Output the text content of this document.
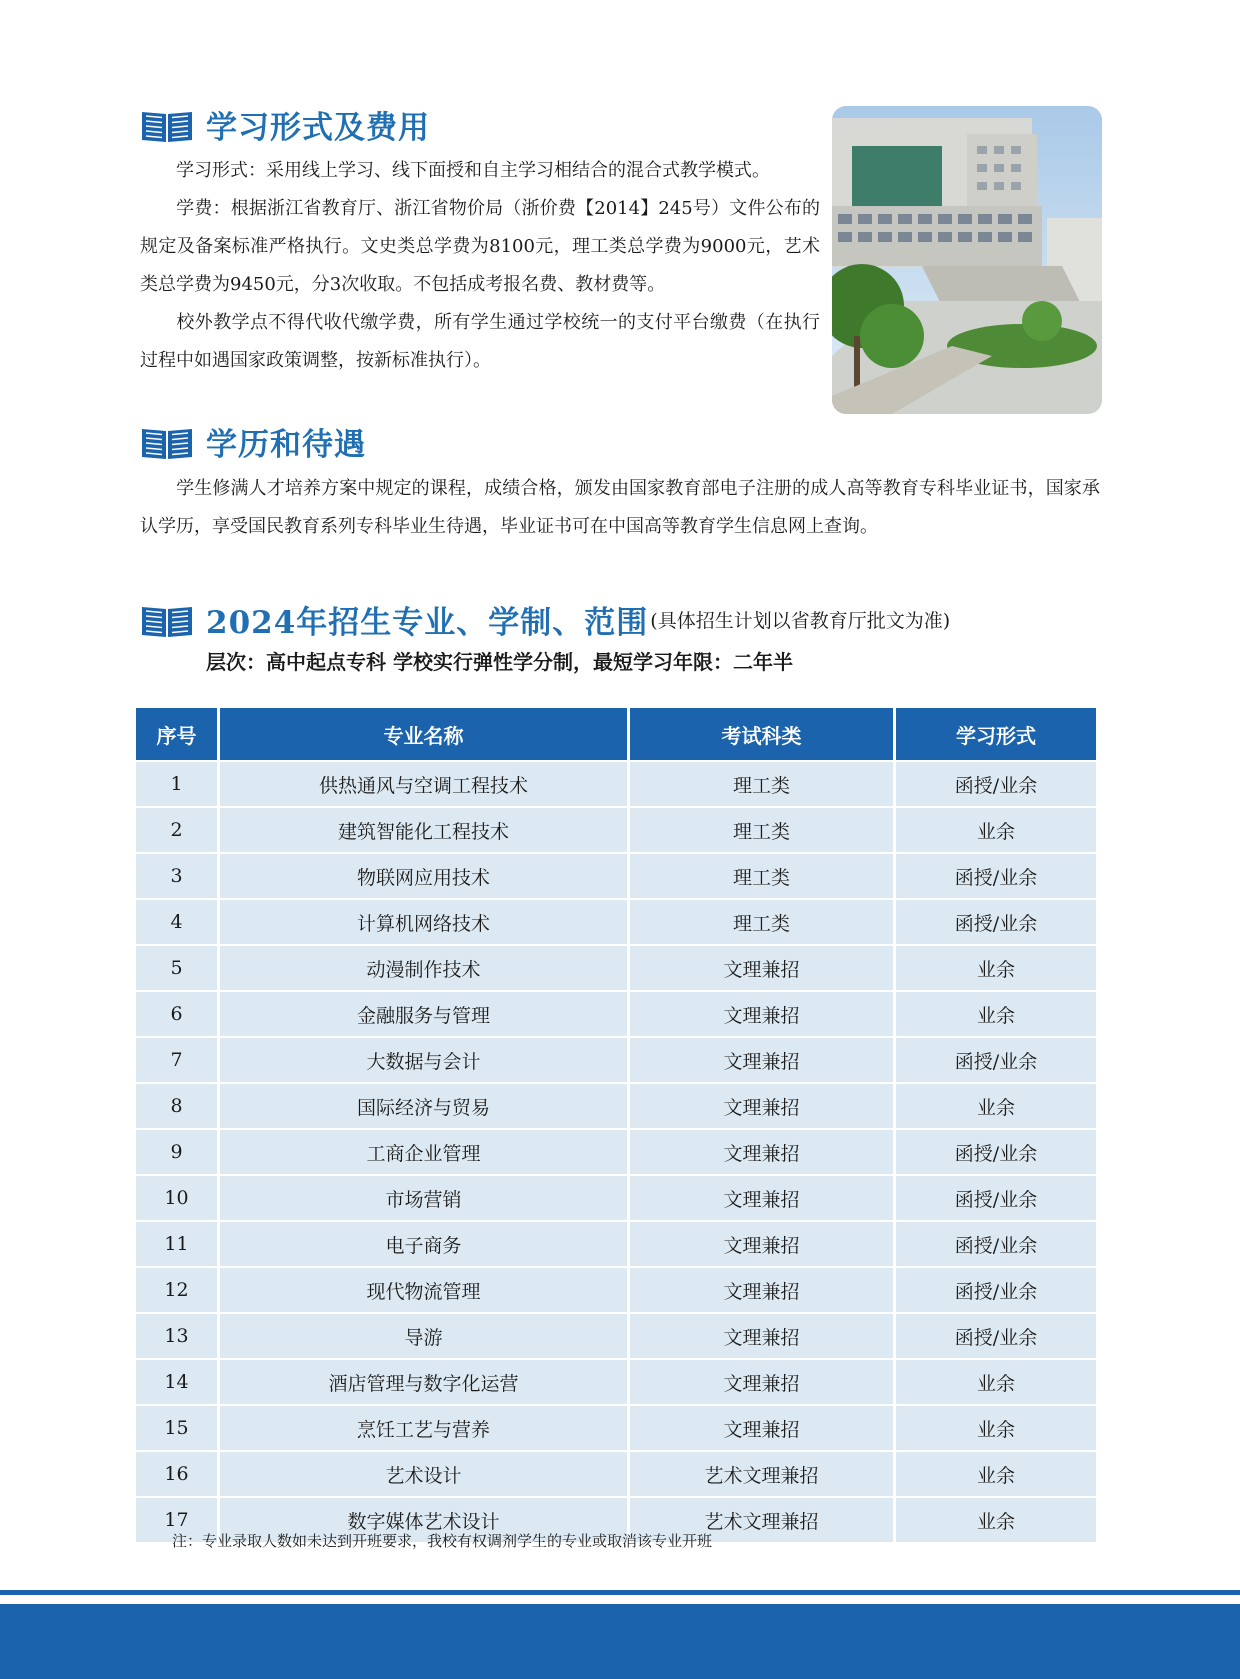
学习形式及费用

学习形式：采用线上学习、线下面授和自主学习相结合的混合式教学模式。

学费：根据浙江省教育厅、浙江省物价局（浙价费【2014】245号）文件公布的规定及备案标准严格执行。文史类总学费为8100元，理工类总学费为9000元，艺术类总学费为9450元，分3次收取。不包括成考报名费、教材费等。

校外教学点不得代收代缴学费，所有学生通过学校统一的支付平台缴费（在执行过程中如遇国家政策调整，按新标准执行）。

学历和待遇

学生修满人才培养方案中规定的课程，成绩合格，颁发由国家教育部电子注册的成人高等教育专科毕业证书，国家承认学历，享受国民教育系列专科毕业生待遇，毕业证书可在中国高等教育学生信息网上查询。

2024年招生专业、学制、范围 (具体招生计划以省教育厅批文为准)
层次：高中起点专科 学校实行弹性学分制，最短学习年限：二年半
序号	专业名称	考试科类	学习形式
1	供热通风与空调工程技术	理工类	函授/业余
2	建筑智能化工程技术	理工类	业余
3	物联网应用技术	理工类	函授/业余
4	计算机网络技术	理工类	函授/业余
5	动漫制作技术	文理兼招	业余
6	金融服务与管理	文理兼招	业余
7	大数据与会计	文理兼招	函授/业余
8	国际经济与贸易	文理兼招	业余
9	工商企业管理	文理兼招	函授/业余
10	市场营销	文理兼招	函授/业余
11	电子商务	文理兼招	函授/业余
12	现代物流管理	文理兼招	函授/业余
13	导游	文理兼招	函授/业余
14	酒店管理与数字化运营	文理兼招	业余
15	烹饪工艺与营养	文理兼招	业余
16	艺术设计	艺术文理兼招	业余
17	数字媒体艺术设计	艺术文理兼招	业余
注：专业录取人数如未达到开班要求，我校有权调剂学生的专业或取消该专业开班
